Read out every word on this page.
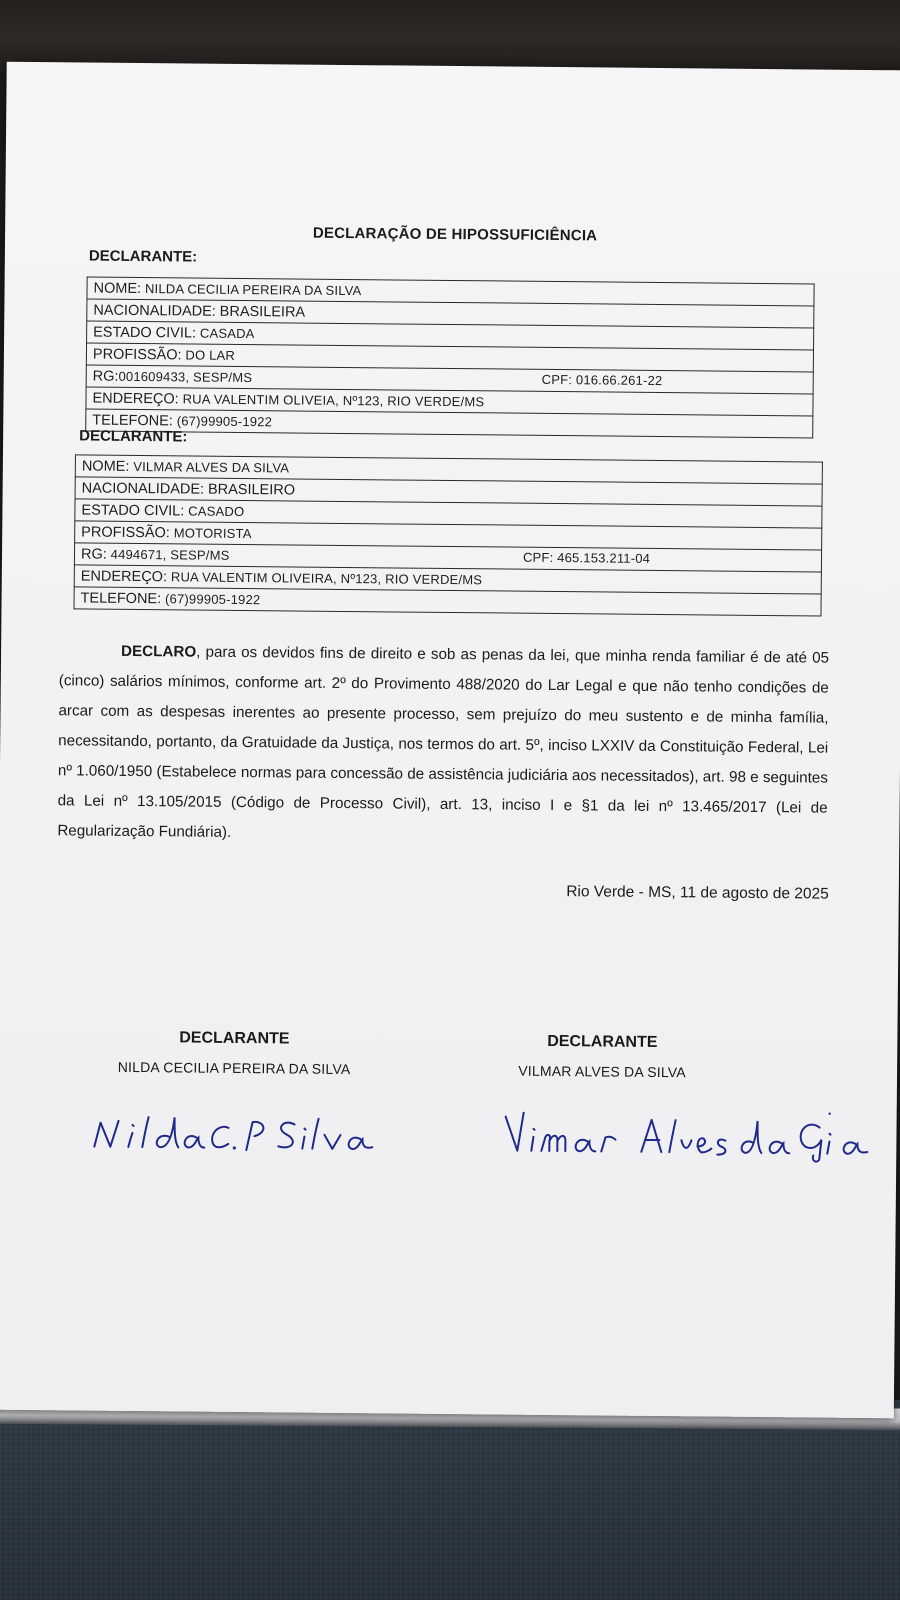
DECLARAÇÃO DE HIPOSSUFICIÊNCIA
DECLARANTE:
NOME: NILDA CECILIA PEREIRA DA SILVA
NACIONALIDADE: BRASILEIRA
ESTADO CIVIL: CASADA
PROFISSÃO: DO LAR
RG:001609433, SESP/MS	CPF: 016.66.261-22

ENDEREÇO: RUA VALENTIM OLIVEIA, Nº123, RIO VERDE/MS
TELEFONE: (67)99905-1922
DECLARANTE:
NOME: VILMAR ALVES DA SILVA
NACIONALIDADE: BRASILEIRO
ESTADO CIVIL: CASADO
PROFISSÃO: MOTORISTA
RG: 4494671, SESP/MS	CPF: 465.153.211-04

ENDEREÇO: RUA VALENTIM OLIVEIRA, Nº123, RIO VERDE/MS
TELEFONE: (67)99905-1922
DECLARO, para os devidos fins de direito e sob as penas da lei, que minha renda familiar é de até 05 (cinco) salários mínimos, conforme art. 2º do Provimento 488/2020 do Lar Legal e que não tenho condições de arcar com as despesas inerentes ao presente processo, sem prejuízo do meu sustento e de minha família, necessitando, portanto, da Gratuidade da Justiça, nos termos do art. 5º, inciso LXXIV da Constituição Federal, Lei nº 1.060/1950 (Estabelece normas para concessão de assistência judiciária aos necessitados), art. 98 e seguintes da Lei nº 13.105/2015 (Código de Processo Civil), art. 13, inciso I e §1 da lei nº 13.465/2017 (Lei de Regularização Fundiária).
Rio Verde - MS, 11 de agosto de 2025
DECLARANTE
NILDA CECILIA PEREIRA DA SILVA
DECLARANTE
VILMAR ALVES DA SILVA
